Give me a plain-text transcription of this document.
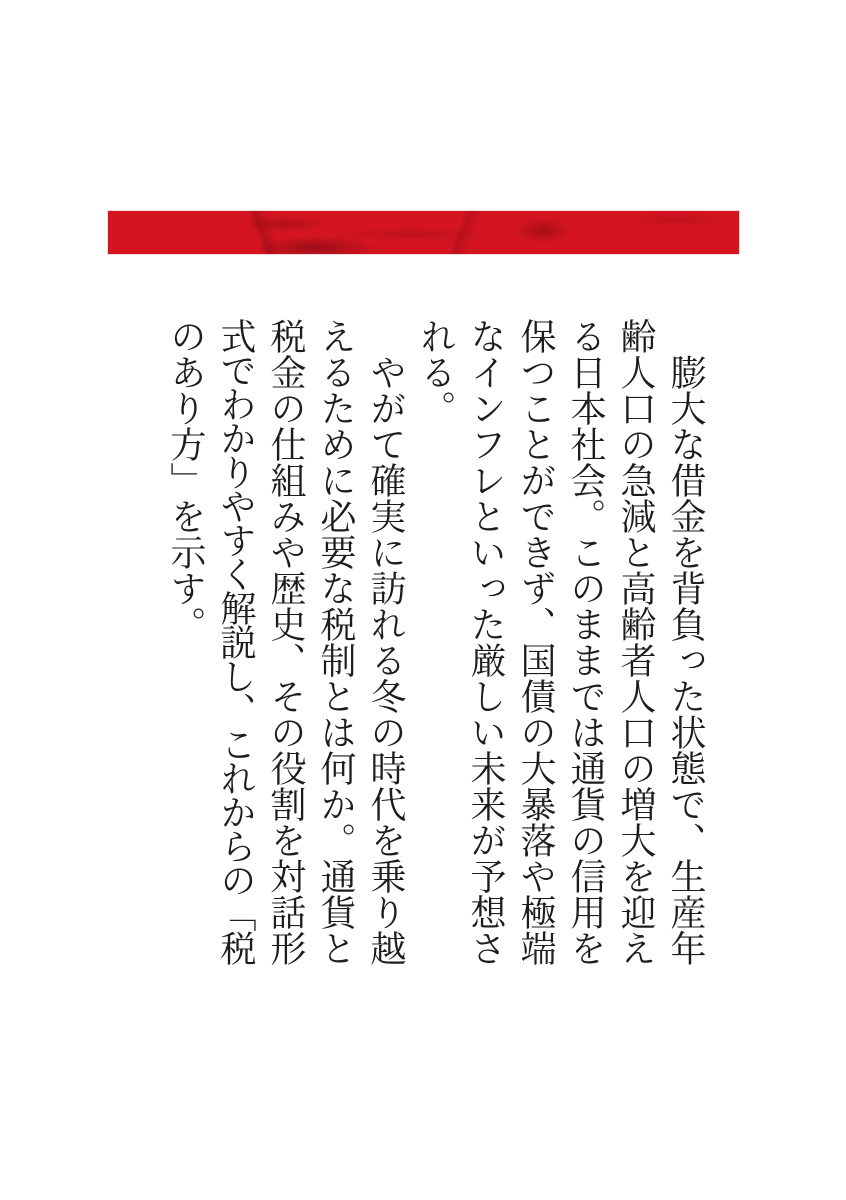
　膨大な借金を背負った状態で、生産年
齢人口の急減と高齢者人口の増大を迎え
る日本社会。このままでは通貨の信用を
保つことができず、国債の大暴落や極端
なインフレといった厳しい未来が予想さ
れる。
　やがて確実に訪れる冬の時代を乗り越
えるために必要な税制とは何か。通貨と
税金の仕組みや歴史、その役割を対話形
式でわかりやすく解説し、これからの「税
のあり方」を示す。
